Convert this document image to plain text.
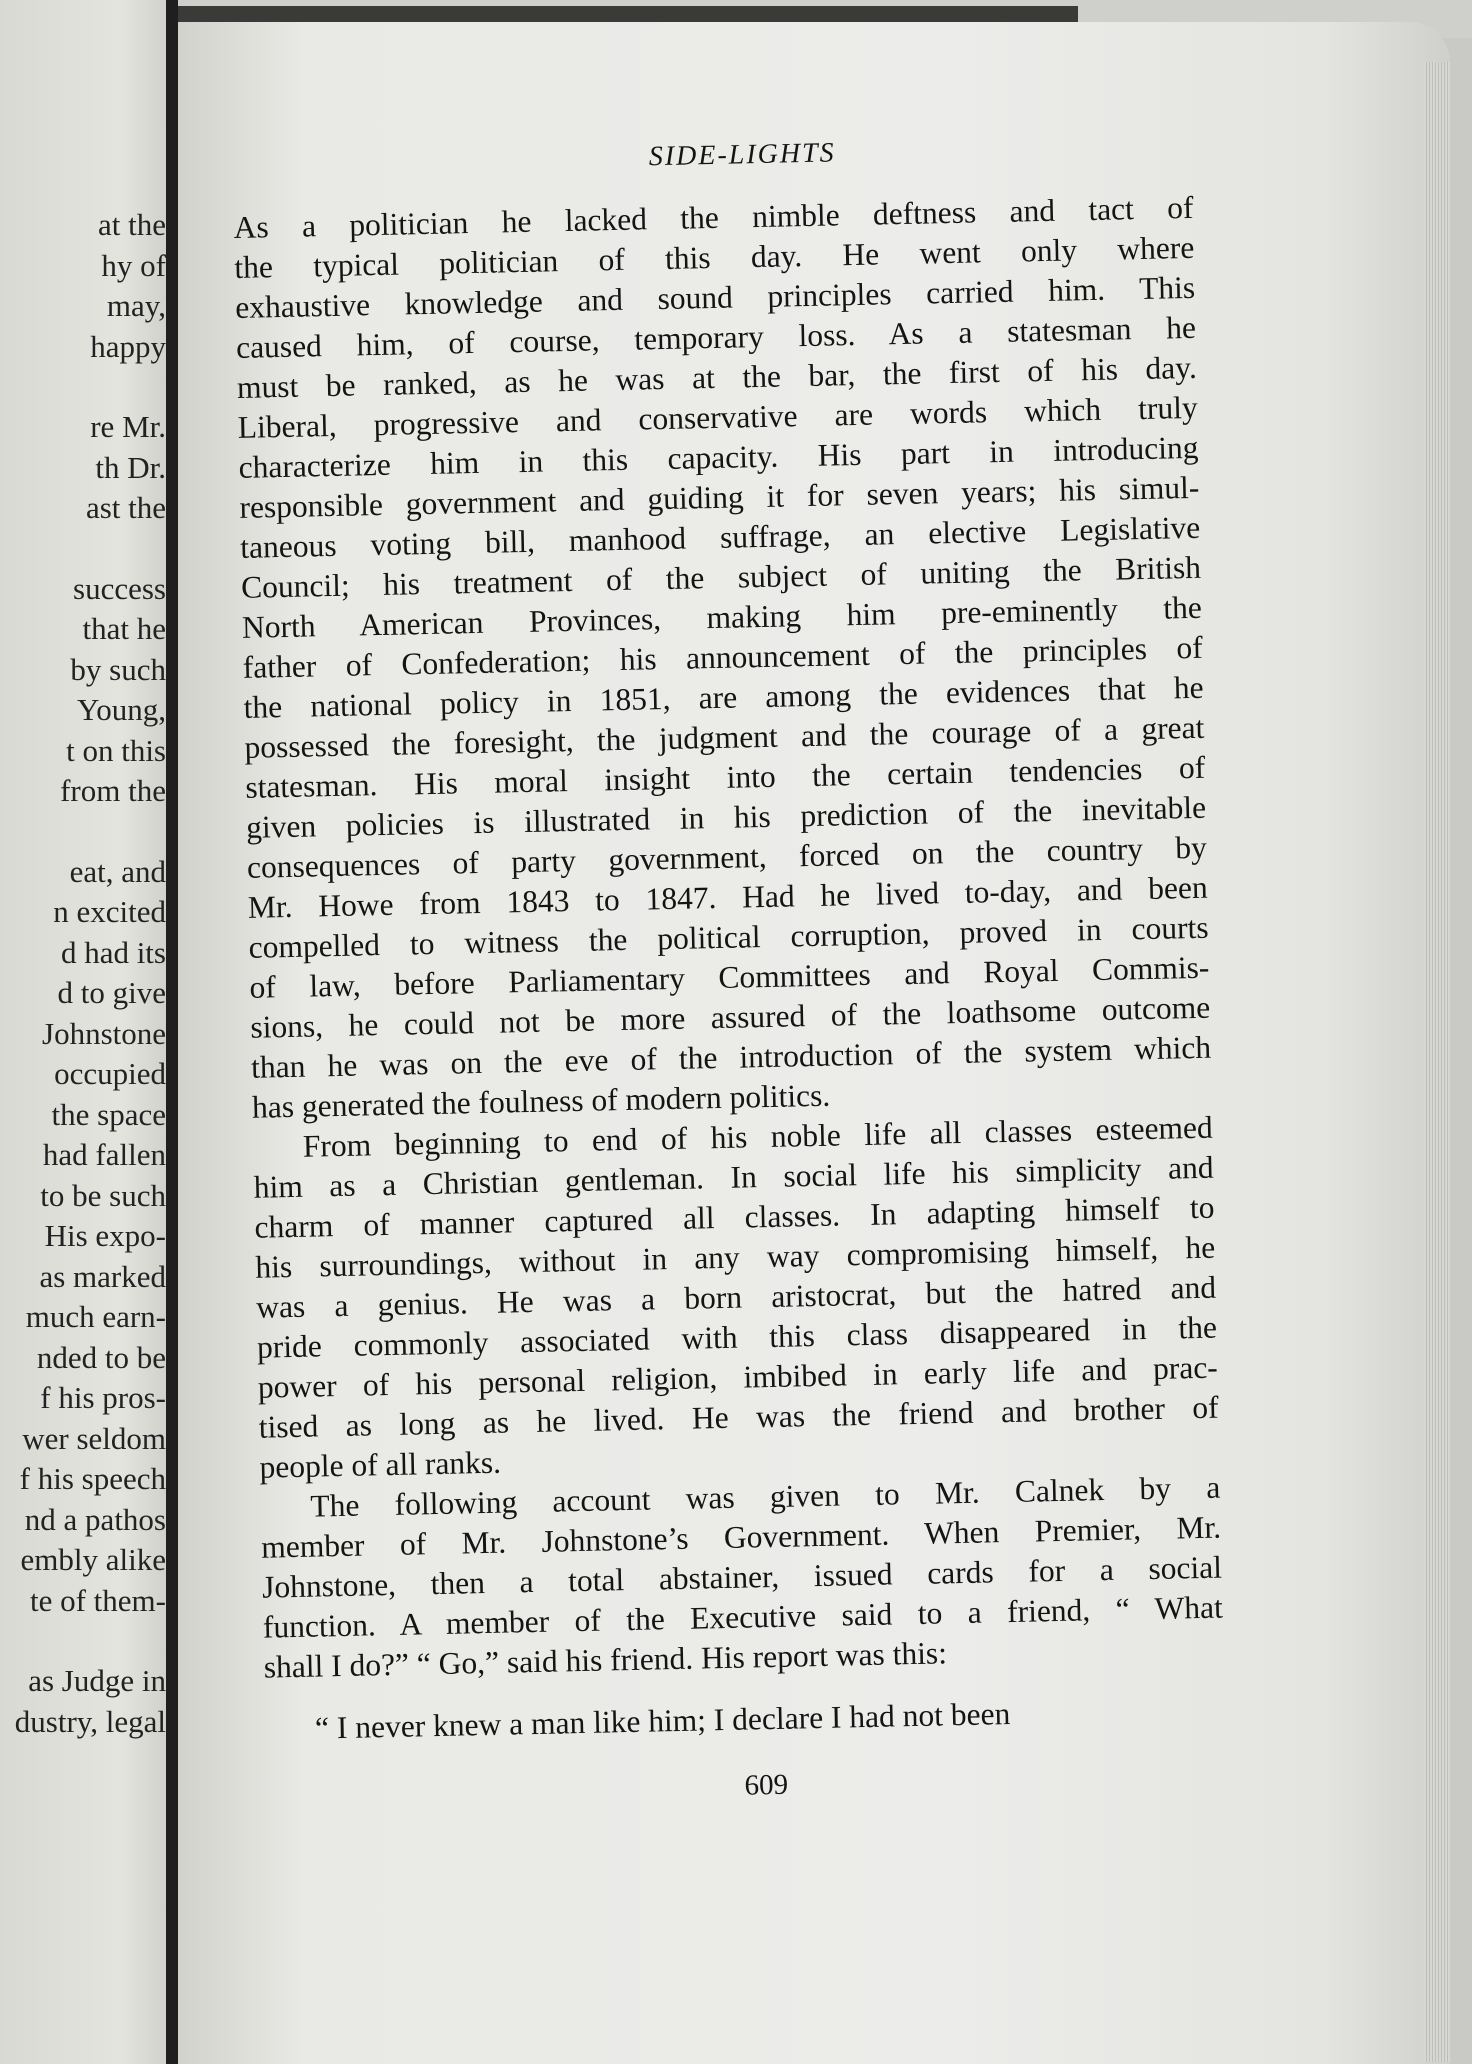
at the
hy of
may,
happy
re Mr.
th Dr.
ast the
success
that he
by such
Young,
t on this
from the
eat, and
n excited
d had its
d to give
Johnstone
occupied
the space
had fallen
to be such
His expo-
as marked
much earn-
nded to be
f his pros-
wer seldom
f his speech
nd a pathos
embly alike
te of them-
as Judge in
dustry, legal
SIDE-LIGHTS
As a politician he lacked the nimble deftness and tact of
the typical politician of this day. He went only where
exhaustive knowledge and sound principles carried him. This
caused him, of course, temporary loss. As a statesman he
must be ranked, as he was at the bar, the first of his day.
Liberal, progressive and conservative are words which truly
characterize him in this capacity. His part in introducing
responsible government and guiding it for seven years; his simul-
taneous voting bill, manhood suffrage, an elective Legislative
Council; his treatment of the subject of uniting the British
North American Provinces, making him pre-eminently the
father of Confederation; his announcement of the principles of
the national policy in 1851, are among the evidences that he
possessed the foresight, the judgment and the courage of a great
statesman. His moral insight into the certain tendencies of
given policies is illustrated in his prediction of the inevitable
consequences of party government, forced on the country by
Mr. Howe from 1843 to 1847. Had he lived to-day, and been
compelled to witness the political corruption, proved in courts
of law, before Parliamentary Committees and Royal Commis-
sions, he could not be more assured of the loathsome outcome
than he was on the eve of the introduction of the system which
has generated the foulness of modern politics.
From beginning to end of his noble life all classes esteemed
him as a Christian gentleman. In social life his simplicity and
charm of manner captured all classes. In adapting himself to
his surroundings, without in any way compromising himself, he
was a genius. He was a born aristocrat, but the hatred and
pride commonly associated with this class disappeared in the
power of his personal religion, imbibed in early life and prac-
tised as long as he lived. He was the friend and brother of
people of all ranks.
The following account was given to Mr. Calnek by a
member of Mr. Johnstone’s Government. When Premier, Mr.
Johnstone, then a total abstainer, issued cards for a social
function. A member of the Executive said to a friend, “ What
shall I do?” “ Go,” said his friend. His report was this:
“ I never knew a man like him; I declare I had not been
609
